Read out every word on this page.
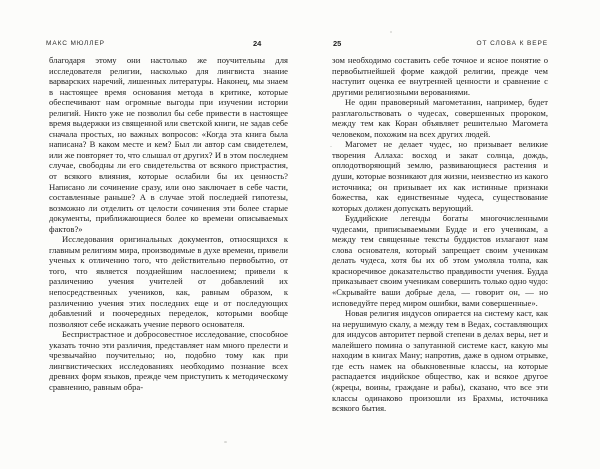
МАКС МЮЛЛЕР	24	25	ОТ СЛОВА К ВЕРЕ

благодаря этому они настолько же поучительны для исследователя религии, насколько для лингвиста знание варварских наречий, лишенных литературы. Наконец, мы знаем в настоящее время основания метода в критике, которые обеспечивают нам огромные выгоды при изучении истории религий. Никто уже не позволил бы себе привести в настоящее время выдержки из священной или светской книги, не задав себе сначала простых, но важных вопросов: «Когда эта книга была написана? В каком месте и кем? Был ли автор сам свидетелем, или же повторяет то, что слышал от других? И в этом последнем случае, свободны ли его свидетельства от всякого пристрастия, от всякого влияния, которые ослабили бы их ценность? Написано ли сочинение сразу, или оно заключает в себе части, составленные раньше? А в случае этой последней гипотезы, возможно ли отделить от целости сочинения эти более старые документы, приближающиеся более ко времени описываемых фактов?»

Исследования оригинальных документов, относящихся к главным религиям мира, производимые в духе времени, привели ученых к отличению того, что действительно первобытно, от того, что является позднейшим наслоением; привели к различению учения учителей от добавлений их непосредственных учеников, как, равным образом, к различению учения этих последних еще и от последующих добавлений и поочередных переделок, которыми вообще позволяют себе искажать учение первого основателя.

Беспристрастное и добросовестное исследование, способное указать точно эти различия, представляет нам много прелести и чрезвычайно поучительно; но, подобно тому как при лингвистических исследованиях необходимо познание всех древних форм языков, прежде чем приступить к методическому сравнению, равным обра-

зом необходимо составить себе точное и ясное понятие о первобытнейшей форме каждой религии, прежде чем наступит оценка ее внутренней ценности и сравнение с другими религиозными верованиями.

Не один правоверный магометанин, например, будет разглагольствовать о чудесах, совершенных пророком, между тем как Коран объявляет решительно Магомета человеком, похожим на всех других людей.

Магомет не делает чудес, но призывает великие творения Аллаха: восход и закат солнца, дождь, оплодотворяющий землю, развивающиеся растения и души, которые возникают для жизни, неизвестно из какого источника; он призывает их как истинные признаки божества, как единственные чудеса, существование которых должен допускать верующий.

Буддийские легенды богаты многочисленными чудесами, приписываемыми Будде и его ученикам, а между тем священные тексты буддистов излагают нам слова основателя, который запрещает своим ученикам делать чудеса, хотя бы их об этом умоляла толпа, как красноречивое доказательство правдивости учения. Будда приказывает своим ученикам совершить только одно чудо: «Скрывайте ваши добрые дела, — говорит он, — но исповедуйте перед миром ошибки, вами совершенные».

Новая религия индусов опирается на систему каст, как на нерушимую скалу, а между тем в Ведах, составляющих для индусов авторитет первой степени в делах веры, нет и малейшего помина о запутанной системе каст, какую мы находим в книгах Ману; напротив, даже в одном отрывке, где есть намек на обыкновенные классы, на которые распадается индийское общество, как и всякое другое (жрецы, воины, граждане и рабы), сказано, что все эти классы одинаково произошли из Брахмы, источника всякого бытия.
